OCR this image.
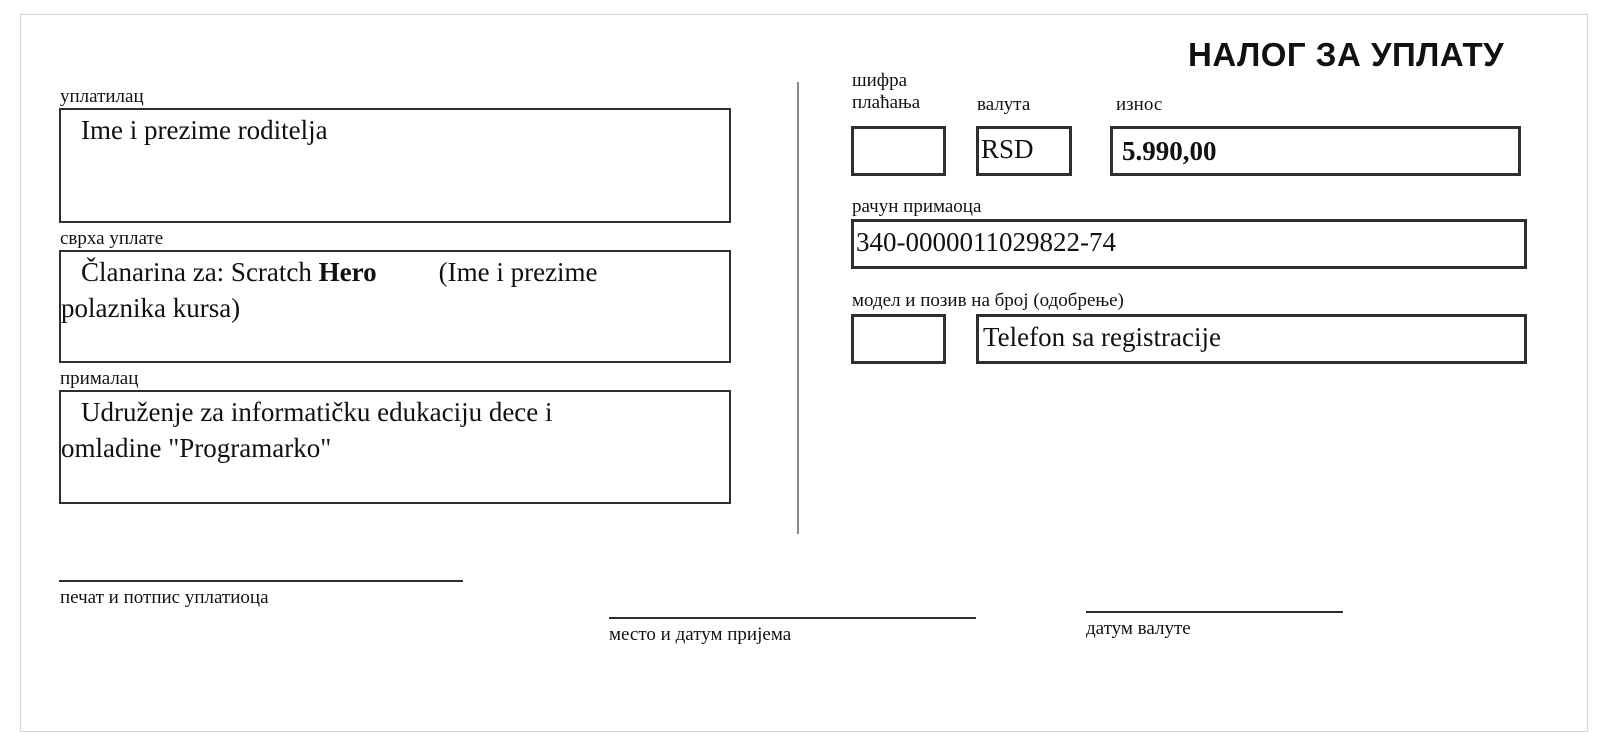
НАЛОГ ЗА УПЛАТУ
уплатилац
Ime i prezime roditelja
сврха уплате
Članarina za: Scratch Hero (Ime i prezime
polaznika kursa)
прималац
Udruženje za informatičku edukaciju dece i
omladine "Programarko"
шифра
плаћања	валута
RSD
износ
5.990,00
рачун примаоца
340-0000011029822-74
модел и позив на број (одобрење)
Telefon sa registracije
печат и потпис уплатиоца
место и датум пријема	датум валуте
